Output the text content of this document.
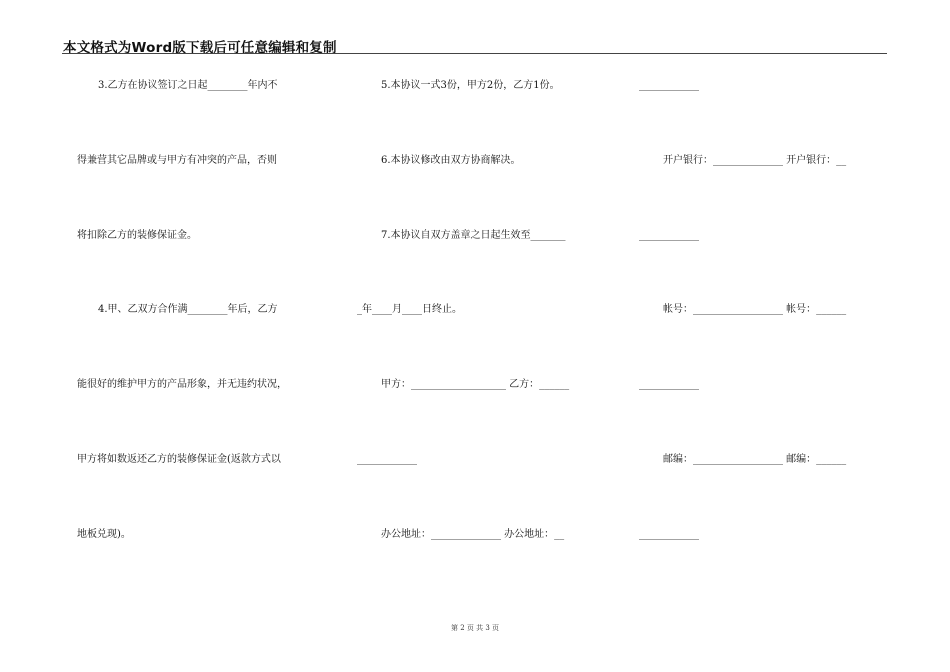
本文格式为Word版下载后可任意编辑和复制
3.乙方在协议签订之日起________年内不
得兼营其它品牌或与甲方有冲突的产品，否则
将扣除乙方的装修保证金。
4.甲、乙双方合作满________年后，乙方
能很好的维护甲方的产品形象，并无违约状况，
甲方将如数返还乙方的装修保证金(返款方式以
地板兑现)。
5.本协议一式3份，甲方2份，乙方1份。
6.本协议修改由双方协商解决。
7.本协议自双方盖章之日起生效至_______
_年____月____日终止。
甲方：___________________ 乙方：______
____________
办公地址：______________ 办公地址：__
____________
开户银行：______________ 开户银行：__
____________
帐号：__________________ 帐号：______
____________
邮编：__________________ 邮编：______
____________
第 2 页 共 3 页
